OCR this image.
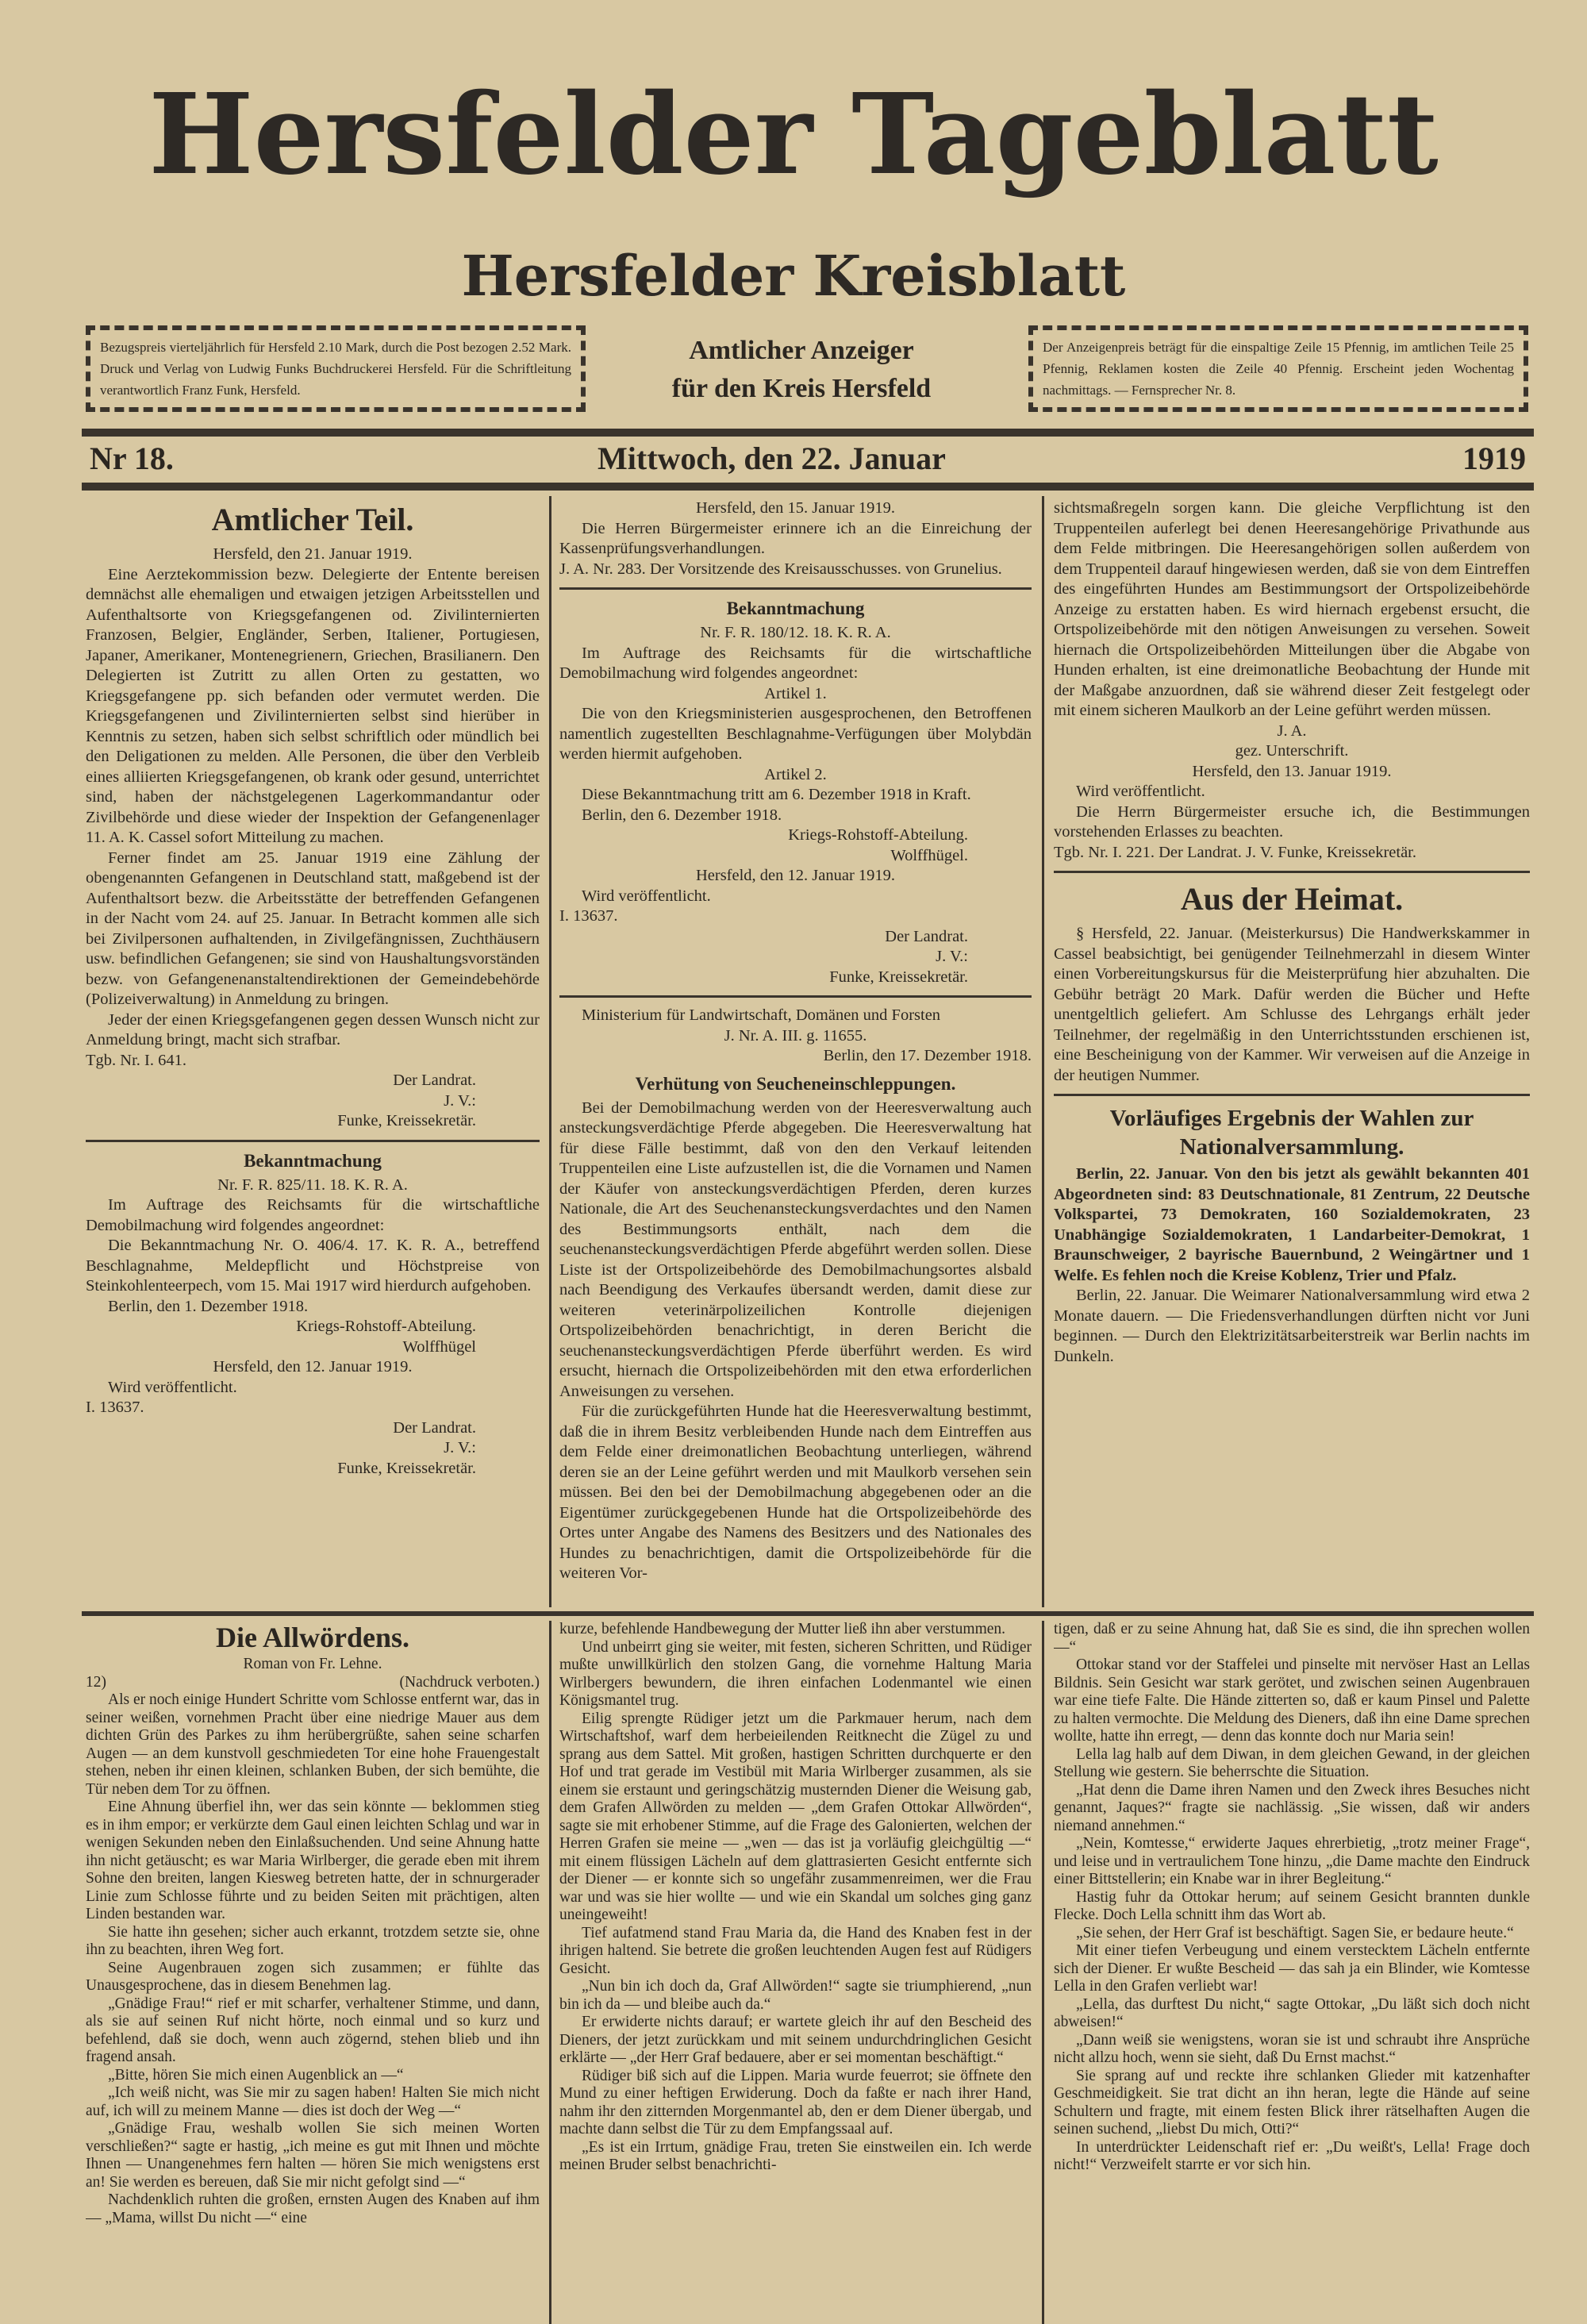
Hersfelder Tageblatt
Hersfelder Kreisblatt
Bezugspreis vierteljährlich für Hersfeld 2.10 Mark, durch die Post bezogen 2.52 Mark. Druck und Verlag von Ludwig Funks Buchdruckerei Hersfeld. Für die Schriftleitung verantwortlich Franz Funk, Hersfeld.
Amtlicher Anzeiger
für den Kreis Hersfeld
Der Anzeigenpreis beträgt für die einspaltige Zeile 15 Pfennig, im amtlichen Teile 25 Pfennig, Reklamen kosten die Zeile 40 Pfennig. Erscheint jeden Wochentag nachmittags. — Fernsprecher Nr. 8.
Nr 18.	Mittwoch, den 22. Januar	1919
Amtlicher Teil.

Hersfeld, den 21. Januar 1919.

Eine Aerztekommission bezw. Delegierte der Entente bereisen demnächst alle ehemaligen und etwaigen jetzigen Arbeitsstellen und Aufenthaltsorte von Kriegsgefangenen od. Zivilinternierten Franzosen, Belgier, Engländer, Serben, Italiener, Portugiesen, Japaner, Amerikaner, Montenegrienern, Griechen, Brasilianern. Den Delegierten ist Zutritt zu allen Orten zu gestatten, wo Kriegsgefangene pp. sich befanden oder vermutet werden. Die Kriegsgefangenen und Zivilinternierten selbst sind hierüber in Kenntnis zu setzen, haben sich selbst schriftlich oder mündlich bei den Deligationen zu melden. Alle Personen, die über den Verbleib eines alliierten Kriegsgefangenen, ob krank oder gesund, unterrichtet sind, haben der nächstgelegenen Lagerkommandantur oder Zivilbehörde und diese wieder der Inspektion der Gefangenenlager 11. A. K. Cassel sofort Mitteilung zu machen.

Ferner findet am 25. Januar 1919 eine Zählung der obengenannten Gefangenen in Deutschland statt, maßgebend ist der Aufenthaltsort bezw. die Arbeitsstätte der betreffenden Gefangenen in der Nacht vom 24. auf 25. Januar. In Betracht kommen alle sich bei Zivilpersonen aufhaltenden, in Zivilgefängnissen, Zuchthäusern usw. befindlichen Gefangenen; sie sind von Haushaltungsvorständen bezw. von Gefangenenanstaltendirektionen der Gemeindebehörde (Polizeiverwaltung) in Anmeldung zu bringen.

Jeder der einen Kriegsgefangenen gegen dessen Wunsch nicht zur Anmeldung bringt, macht sich strafbar.

Tgb. Nr. I. 641.

Der Landrat.

J. V.:

Funke, Kreissekretär.

Bekanntmachung

Nr. F. R. 825/11. 18. K. R. A.

Im Auftrage des Reichsamts für die wirtschaftliche Demobilmachung wird folgendes angeordnet:

Die Bekanntmachung Nr. O. 406/4. 17. K. R. A., betreffend Beschlagnahme, Meldepflicht und Höchstpreise von Steinkohlenteerpech, vom 15. Mai 1917 wird hierdurch aufgehoben.

Berlin, den 1. Dezember 1918.

Kriegs-Rohstoff-Abteilung.

Wolffhügel

Hersfeld, den 12. Januar 1919.

Wird veröffentlicht.

I. 13637.

Der Landrat.

J. V.:

Funke, Kreissekretär.

Hersfeld, den 15. Januar 1919.

Die Herren Bürgermeister erinnere ich an die Einreichung der Kassenprüfungsverhandlungen.

J. A. Nr. 283. Der Vorsitzende des Kreisausschusses. von Grunelius.

Bekanntmachung

Nr. F. R. 180/12. 18. K. R. A.

Im Auftrage des Reichsamts für die wirtschaftliche Demobilmachung wird folgendes angeordnet:

Artikel 1.

Die von den Kriegsministerien ausgesprochenen, den Betroffenen namentlich zugestellten Beschlagnahme-Verfügungen über Molybdän werden hiermit aufgehoben.

Artikel 2.

Diese Bekanntmachung tritt am 6. Dezember 1918 in Kraft.

Berlin, den 6. Dezember 1918.

Kriegs-Rohstoff-Abteilung.

Wolffhügel.

Hersfeld, den 12. Januar 1919.

Wird veröffentlicht.

I. 13637.

Der Landrat.

J. V.:

Funke, Kreissekretär.

Ministerium für Landwirtschaft, Domänen und Forsten

J. Nr. A. III. g. 11655.

Berlin, den 17. Dezember 1918.

Verhütung von Seucheneinschleppungen.

Bei der Demobilmachung werden von der Heeresverwaltung auch ansteckungsverdächtige Pferde abgegeben. Die Heeresverwaltung hat für diese Fälle bestimmt, daß von den den Verkauf leitenden Truppenteilen eine Liste aufzustellen ist, die die Vornamen und Namen der Käufer von ansteckungsverdächtigen Pferden, deren kurzes Nationale, die Art des Seuchenansteckungsverdachtes und den Namen des Bestimmungsorts enthält, nach dem die seuchenansteckungsverdächtigen Pferde abgeführt werden sollen. Diese Liste ist der Ortspolizeibehörde des Demobilmachungsortes alsbald nach Beendigung des Verkaufes übersandt werden, damit diese zur weiteren veterinärpolizeilichen Kontrolle diejenigen Ortspolizeibehörden benachrichtigt, in deren Bericht die seuchenansteckungsverdächtigen Pferde überführt werden. Es wird ersucht, hiernach die Ortspolizeibehörden mit den etwa erforderlichen Anweisungen zu versehen.

Für die zurückgeführten Hunde hat die Heeresverwaltung bestimmt, daß die in ihrem Besitz verbleibenden Hunde nach dem Eintreffen aus dem Felde einer dreimonatlichen Beobachtung unterliegen, während deren sie an der Leine geführt werden und mit Maulkorb versehen sein müssen. Bei den bei der Demobilmachung abgegebenen oder an die Eigentümer zurückgegebenen Hunde hat die Ortspolizeibehörde des Ortes unter Angabe des Namens des Besitzers und des Nationales des Hundes zu benachrichtigen, damit die Ortspolizeibehörde für die weiteren Vor-

sichtsmaßregeln sorgen kann. Die gleiche Verpflichtung ist den Truppenteilen auferlegt bei denen Heeresangehörige Privathunde aus dem Felde mitbringen. Die Heeresangehörigen sollen außerdem von dem Truppenteil darauf hingewiesen werden, daß sie von dem Eintreffen des eingeführten Hundes am Bestimmungsort der Ortspolizeibehörde Anzeige zu erstatten haben. Es wird hiernach ergebenst ersucht, die Ortspolizeibehörde mit den nötigen Anweisungen zu versehen. Soweit hiernach die Ortspolizeibehörden Mitteilungen über die Abgabe von Hunden erhalten, ist eine dreimonatliche Beobachtung der Hunde mit der Maßgabe anzuordnen, daß sie während dieser Zeit festgelegt oder mit einem sicheren Maulkorb an der Leine geführt werden müssen.

J. A.

gez. Unterschrift.

Hersfeld, den 13. Januar 1919.

Wird veröffentlicht.

Die Herrn Bürgermeister ersuche ich, die Bestimmungen vorstehenden Erlasses zu beachten.

Tgb. Nr. I. 221. Der Landrat. J. V. Funke, Kreissekretär.

Aus der Heimat.

§ Hersfeld, 22. Januar. (Meisterkursus) Die Handwerkskammer in Cassel beabsichtigt, bei genügender Teilnehmerzahl in diesem Winter einen Vorbereitungskursus für die Meisterprüfung hier abzuhalten. Die Gebühr beträgt 20 Mark. Dafür werden die Bücher und Hefte unentgeltlich geliefert. Am Schlusse des Lehrgangs erhält jeder Teilnehmer, der regelmäßig in den Unterrichtsstunden erschienen ist, eine Bescheinigung von der Kammer. Wir verweisen auf die Anzeige in der heutigen Nummer.

Vorläufiges Ergebnis der Wahlen zur Nationalversammlung.

Berlin, 22. Januar. Von den bis jetzt als gewählt bekannten 401 Abgeordneten sind: 83 Deutschnationale, 81 Zentrum, 22 Deutsche Volkspartei, 73 Demokraten, 160 Sozialdemokraten, 23 Unabhängige Sozialdemokraten, 1 Landarbeiter-Demokrat, 1 Braunschweiger, 2 bayrische Bauernbund, 2 Weingärtner und 1 Welfe. Es fehlen noch die Kreise Koblenz, Trier und Pfalz.

Berlin, 22. Januar. Die Weimarer Nationalversammlung wird etwa 2 Monate dauern. — Die Friedensverhandlungen dürften nicht vor Juni beginnen. — Durch den Elektrizitätsarbeiterstreik war Berlin nachts im Dunkeln.

Die Allwördens.

Roman von Fr. Lehne.

12)	(Nachdruck verboten.)

Als er noch einige Hundert Schritte vom Schlosse entfernt war, das in seiner weißen, vornehmen Pracht über eine niedrige Mauer aus dem dichten Grün des Parkes zu ihm herübergrüßte, sahen seine scharfen Augen — an dem kunstvoll geschmiedeten Tor eine hohe Frauengestalt stehen, neben ihr einen kleinen, schlanken Buben, der sich bemühte, die Tür neben dem Tor zu öffnen.

Eine Ahnung überfiel ihn, wer das sein könnte — beklommen stieg es in ihm empor; er verkürzte dem Gaul einen leichten Schlag und war in wenigen Sekunden neben den Einlaßsuchenden. Und seine Ahnung hatte ihn nicht getäuscht; es war Maria Wirlberger, die gerade eben mit ihrem Sohne den breiten, langen Kiesweg betreten hatte, der in schnurgerader Linie zum Schlosse führte und zu beiden Seiten mit prächtigen, alten Linden bestanden war.

Sie hatte ihn gesehen; sicher auch erkannt, trotzdem setzte sie, ohne ihn zu beachten, ihren Weg fort.

Seine Augenbrauen zogen sich zusammen; er fühlte das Unausgesprochene, das in diesem Benehmen lag.

„Gnädige Frau!“ rief er mit scharfer, verhaltener Stimme, und dann, als sie auf seinen Ruf nicht hörte, noch einmal und so kurz und befehlend, daß sie doch, wenn auch zögernd, stehen blieb und ihn fragend ansah.

„Bitte, hören Sie mich einen Augenblick an —“

„Ich weiß nicht, was Sie mir zu sagen haben! Halten Sie mich nicht auf, ich will zu meinem Manne — dies ist doch der Weg —“

„Gnädige Frau, weshalb wollen Sie sich meinen Worten verschließen?“ sagte er hastig, „ich meine es gut mit Ihnen und möchte Ihnen — Unangenehmes fern halten — hören Sie mich wenigstens erst an! Sie werden es bereuen, daß Sie mir nicht gefolgt sind —“

Nachdenklich ruhten die großen, ernsten Augen des Knaben auf ihm — „Mama, willst Du nicht —“ eine

kurze, befehlende Handbewegung der Mutter ließ ihn aber verstummen.

Und unbeirrt ging sie weiter, mit festen, sicheren Schritten, und Rüdiger mußte unwillkürlich den stolzen Gang, die vornehme Haltung Maria Wirlbergers bewundern, die ihren einfachen Lodenmantel wie einen Königsmantel trug.

Eilig sprengte Rüdiger jetzt um die Parkmauer herum, nach dem Wirtschaftshof, warf dem herbeieilenden Reitknecht die Zügel zu und sprang aus dem Sattel. Mit großen, hastigen Schritten durchquerte er den Hof und trat gerade im Vestibül mit Maria Wirlberger zusammen, als sie einem sie erstaunt und geringschätzig musternden Diener die Weisung gab, dem Grafen Allwörden zu melden — „dem Grafen Ottokar Allwörden“, sagte sie mit erhobener Stimme, auf die Frage des Galonierten, welchen der Herren Grafen sie meine — „wen — das ist ja vorläufig gleichgültig —“ mit einem flüssigen Lächeln auf dem glattrasierten Gesicht entfernte sich der Diener — er konnte sich so ungefähr zusammenreimen, wer die Frau war und was sie hier wollte — und wie ein Skandal um solches ging ganz uneingeweiht!

Tief aufatmend stand Frau Maria da, die Hand des Knaben fest in der ihrigen haltend. Sie betrete die großen leuchtenden Augen fest auf Rüdigers Gesicht.

„Nun bin ich doch da, Graf Allwörden!“ sagte sie triumphierend, „nun bin ich da — und bleibe auch da.“

Er erwiderte nichts darauf; er wartete gleich ihr auf den Bescheid des Dieners, der jetzt zurückkam und mit seinem undurchdringlichen Gesicht erklärte — „der Herr Graf bedauere, aber er sei momentan beschäftigt.“

Rüdiger biß sich auf die Lippen. Maria wurde feuerrot; sie öffnete den Mund zu einer heftigen Erwiderung. Doch da faßte er nach ihrer Hand, nahm ihr den zitternden Morgenmantel ab, den er dem Diener übergab, und machte dann selbst die Tür zu dem Empfangssaal auf.

„Es ist ein Irrtum, gnädige Frau, treten Sie einstweilen ein. Ich werde meinen Bruder selbst benachrichti-

tigen, daß er zu seine Ahnung hat, daß Sie es sind, die ihn sprechen wollen —“

Ottokar stand vor der Staffelei und pinselte mit nervöser Hast an Lellas Bildnis. Sein Gesicht war stark gerötet, und zwischen seinen Augenbrauen war eine tiefe Falte. Die Hände zitterten so, daß er kaum Pinsel und Palette zu halten vermochte. Die Meldung des Dieners, daß ihn eine Dame sprechen wollte, hatte ihn erregt, — denn das konnte doch nur Maria sein!

Lella lag halb auf dem Diwan, in dem gleichen Gewand, in der gleichen Stellung wie gestern. Sie beherrschte die Situation.

„Hat denn die Dame ihren Namen und den Zweck ihres Besuches nicht genannt, Jaques?“ fragte sie nachlässig. „Sie wissen, daß wir anders niemand annehmen.“

„Nein, Komtesse,“ erwiderte Jaques ehrerbietig, „trotz meiner Frage“, und leise und in vertraulichem Tone hinzu, „die Dame machte den Eindruck einer Bittstellerin; ein Knabe war in ihrer Begleitung.“

Hastig fuhr da Ottokar herum; auf seinem Gesicht brannten dunkle Flecke. Doch Lella schnitt ihm das Wort ab.

„Sie sehen, der Herr Graf ist beschäftigt. Sagen Sie, er bedaure heute.“

Mit einer tiefen Verbeugung und einem verstecktem Lächeln entfernte sich der Diener. Er wußte Bescheid — das sah ja ein Blinder, wie Komtesse Lella in den Grafen verliebt war!

„Lella, das durftest Du nicht,“ sagte Ottokar, „Du läßt sich doch nicht abweisen!“

„Dann weiß sie wenigstens, woran sie ist und schraubt ihre Ansprüche nicht allzu hoch, wenn sie sieht, daß Du Ernst machst.“

Sie sprang auf und reckte ihre schlanken Glieder mit katzenhafter Geschmeidigkeit. Sie trat dicht an ihn heran, legte die Hände auf seine Schultern und fragte, mit einem festen Blick ihrer rätselhaften Augen die seinen suchend, „liebst Du mich, Otti?“

In unterdrückter Leidenschaft rief er: „Du weißt's, Lella! Frage doch nicht!“ Verzweifelt starrte er vor sich hin.
